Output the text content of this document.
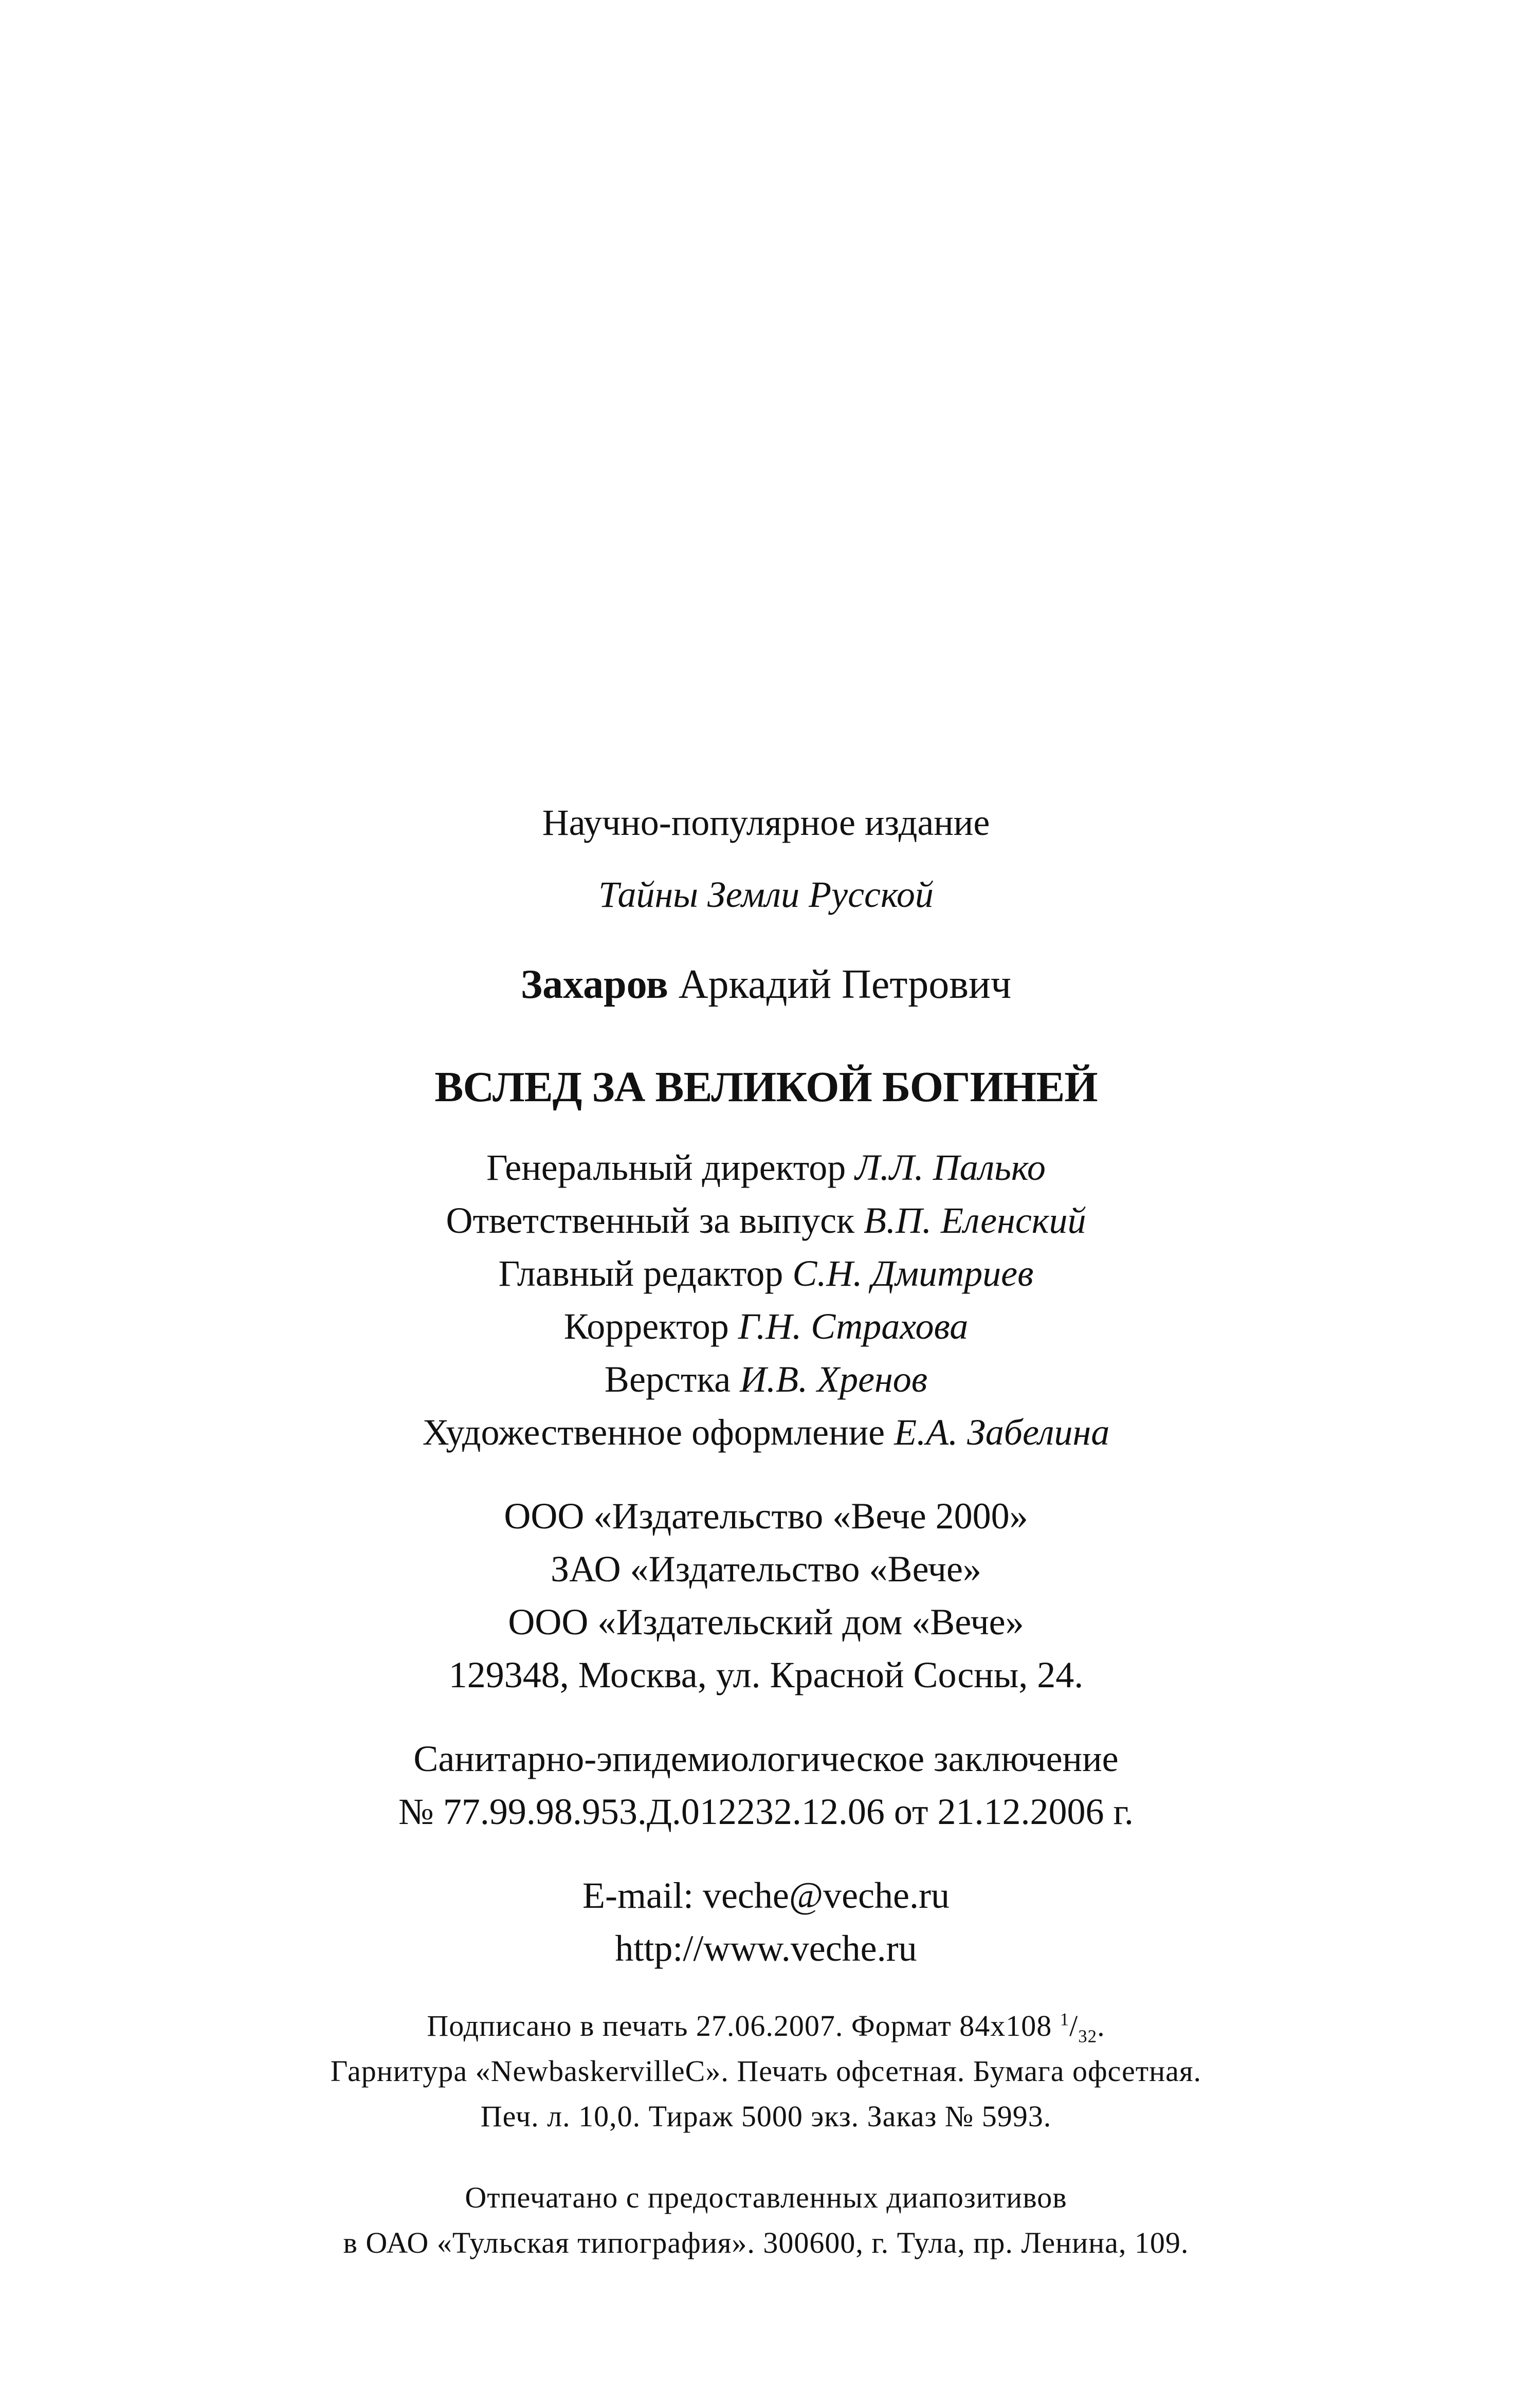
Научно-популярное издание

Тайны Земли Русской

Захаров Аркадий Петрович

ВСЛЕД ЗА ВЕЛИКОЙ БОГИНЕЙ

Генеральный директор Л.Л. Палько

Ответственный за выпуск В.П. Еленский

Главный редактор С.Н. Дмитриев

Корректор Г.Н. Страхова

Верстка И.В. Хренов

Художественное оформление Е.А. Забелина

ООО «Издательство «Вече 2000»

ЗАО «Издательство «Вече»

ООО «Издательский дом «Вече»

129348, Москва, ул. Красной Сосны, 24.

Санитарно-эпидемиологическое заключение

№ 77.99.98.953.Д.012232.12.06 от 21.12.2006 г.

E-mail: veche@veche.ru

http://www.veche.ru

Подписано в печать 27.06.2007. Формат 84х108 $^1/_{32}$.

Гарнитура «NewbaskervilleC». Печать офсетная. Бумага офсетная.

Печ. л. 10,0. Тираж 5000 экз. Заказ № 5993.

Отпечатано с предоставленных диапозитивов

в ОАО «Тульская типография». 300600, г. Тула, пр. Ленина, 109.
